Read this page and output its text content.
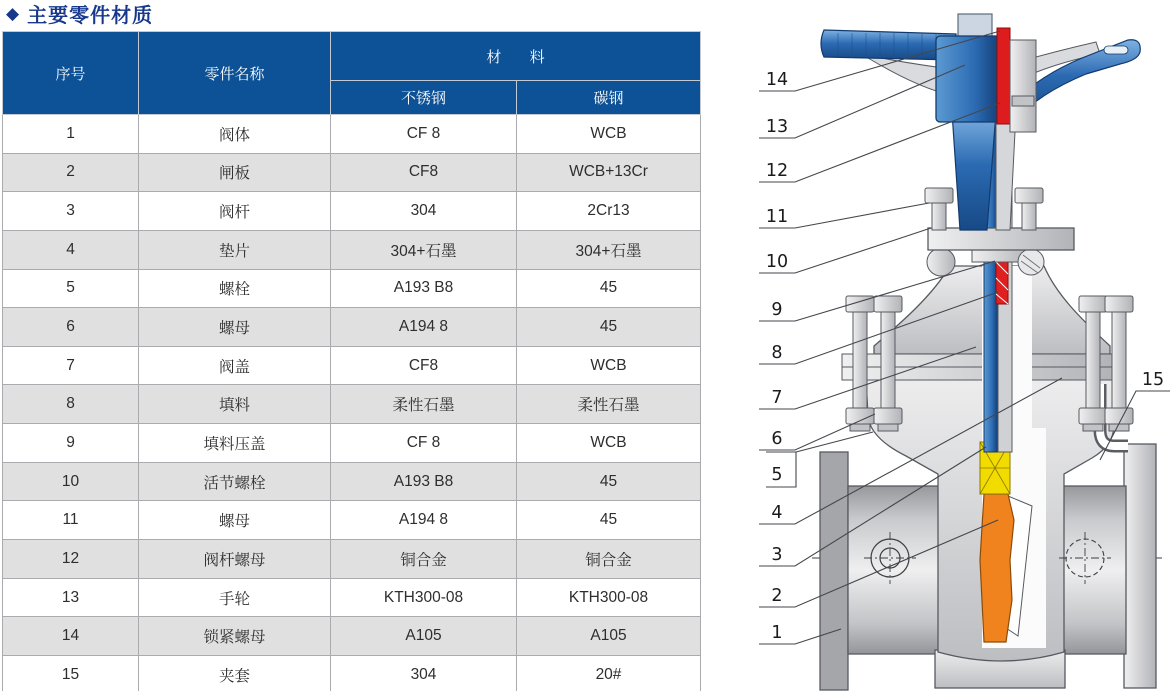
◆ 主要零件材质
序号	零件名称	材 料	
		不锈钢	碳钢
1	阀体	CF 8	WCB
2	闸板	CF8	WCB+13Cr
3	阀杆	304	2Cr13
4	垫片	304+石墨	304+石墨
5	螺栓	A193 B8	45
6	螺母	A194 8	45
7	阀盖	CF8	WCB
8	填料	柔性石墨	柔性石墨
9	填料压盖	CF 8	WCB
10	活节螺栓	A193 B8	45
11	螺母	A194 8	45
12	阀杆螺母	铜合金	铜合金
13	手轮	KTH300-08	KTH300-08
14	锁紧螺母	A105	A105
15	夹套	304	20#
1
2
3
4
5
6
7
8
9
10
11
12
13
14
15
